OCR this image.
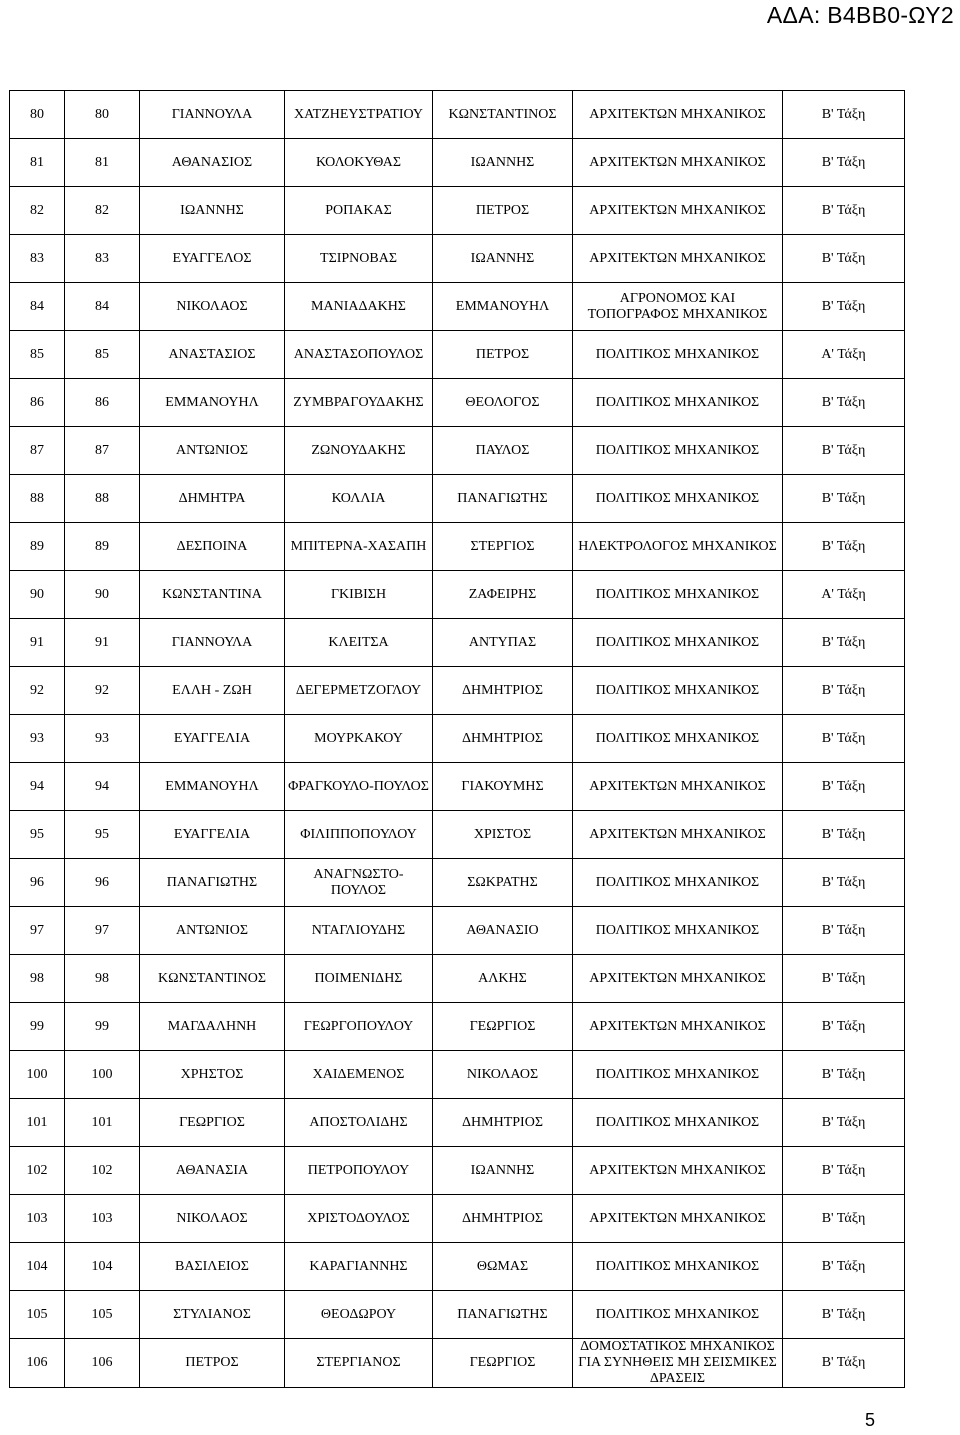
ΑΔΑ: Β4ΒΒ0-ΩΥ2
80	80	ΓΙΑΝΝΟΥΛΑ	ΧΑΤΖΗΕΥΣΤΡΑΤΙΟΥ	ΚΩΝΣΤΑΝΤΙΝΟΣ	ΑΡΧΙΤΕΚΤΩΝ ΜΗΧΑΝΙΚΟΣ	Β' Τάξη
81	81	ΑΘΑΝΑΣΙΟΣ	ΚΟΛΟΚΥΘΑΣ	ΙΩΑΝΝΗΣ	ΑΡΧΙΤΕΚΤΩΝ ΜΗΧΑΝΙΚΟΣ	Β' Τάξη
82	82	ΙΩΑΝΝΗΣ	ΡΟΠΑΚΑΣ	ΠΕΤΡΟΣ	ΑΡΧΙΤΕΚΤΩΝ ΜΗΧΑΝΙΚΟΣ	Β' Τάξη
83	83	ΕΥΑΓΓΕΛΟΣ	ΤΣΙΡΝΟΒΑΣ	ΙΩΑΝΝΗΣ	ΑΡΧΙΤΕΚΤΩΝ ΜΗΧΑΝΙΚΟΣ	Β' Τάξη
84	84	ΝΙΚΟΛΑΟΣ	ΜΑΝΙΑΔΑΚΗΣ	ΕΜΜΑΝΟΥΗΛ	ΑΓΡΟΝΟΜΟΣ ΚΑΙ ΤΟΠΟΓΡΑΦΟΣ ΜΗΧΑΝΙΚΟΣ	Β' Τάξη
85	85	ΑΝΑΣΤΑΣΙΟΣ	ΑΝΑΣΤΑΣΟΠΟΥΛΟΣ	ΠΕΤΡΟΣ	ΠΟΛΙΤΙΚΟΣ ΜΗΧΑΝΙΚΟΣ	Α' Τάξη
86	86	ΕΜΜΑΝΟΥΗΛ	ΖΥΜΒΡΑΓΟΥΔΑΚΗΣ	ΘΕΟΛΟΓΟΣ	ΠΟΛΙΤΙΚΟΣ ΜΗΧΑΝΙΚΟΣ	Β' Τάξη
87	87	ΑΝΤΩΝΙΟΣ	ΖΩΝΟΥΔΑΚΗΣ	ΠΑΥΛΟΣ	ΠΟΛΙΤΙΚΟΣ ΜΗΧΑΝΙΚΟΣ	Β' Τάξη
88	88	ΔΗΜΗΤΡΑ	ΚΟΛΛΙΑ	ΠΑΝΑΓΙΩΤΗΣ	ΠΟΛΙΤΙΚΟΣ ΜΗΧΑΝΙΚΟΣ	Β' Τάξη
89	89	ΔΕΣΠΟΙΝΑ	ΜΠΙΤΕΡΝΑ-ΧΑΣΑΠΗ	ΣΤΕΡΓΙΟΣ	ΗΛΕΚΤΡΟΛΟΓΟΣ ΜΗΧΑΝΙΚΟΣ	Β' Τάξη
90	90	ΚΩΝΣΤΑΝΤΙΝΑ	ΓΚΙΒΙΣΗ	ΖΑΦΕΙΡΗΣ	ΠΟΛΙΤΙΚΟΣ ΜΗΧΑΝΙΚΟΣ	Α' Τάξη
91	91	ΓΙΑΝΝΟΥΛΑ	ΚΛΕΙΤΣΑ	ΑΝΤΥΠΑΣ	ΠΟΛΙΤΙΚΟΣ ΜΗΧΑΝΙΚΟΣ	Β' Τάξη
92	92	ΕΛΛΗ - ΖΩΗ	ΔΕΓΕΡΜΕΤΖΟΓΛΟΥ	ΔΗΜΗΤΡΙΟΣ	ΠΟΛΙΤΙΚΟΣ ΜΗΧΑΝΙΚΟΣ	Β' Τάξη
93	93	ΕΥΑΓΓΕΛΙΑ	ΜΟΥΡΚΑΚΟΥ	ΔΗΜΗΤΡΙΟΣ	ΠΟΛΙΤΙΚΟΣ ΜΗΧΑΝΙΚΟΣ	Β' Τάξη
94	94	ΕΜΜΑΝΟΥΗΛ	ΦΡΑΓΚΟΥΛΟ-ΠΟΥΛΟΣ	ΓΙΑΚΟΥΜΗΣ	ΑΡΧΙΤΕΚΤΩΝ ΜΗΧΑΝΙΚΟΣ	Β' Τάξη
95	95	ΕΥΑΓΓΕΛΙΑ	ΦΙΛΙΠΠΟΠΟΥΛΟΥ	ΧΡΙΣΤΟΣ	ΑΡΧΙΤΕΚΤΩΝ ΜΗΧΑΝΙΚΟΣ	Β' Τάξη
96	96	ΠΑΝΑΓΙΩΤΗΣ	ΑΝΑΓΝΩΣΤΟ-ΠΟΥΛΟΣ	ΣΩΚΡΑΤΗΣ	ΠΟΛΙΤΙΚΟΣ ΜΗΧΑΝΙΚΟΣ	Β' Τάξη
97	97	ΑΝΤΩΝΙΟΣ	ΝΤΑΓΛΙΟΥΔΗΣ	ΑΘΑΝΑΣΙΟ	ΠΟΛΙΤΙΚΟΣ ΜΗΧΑΝΙΚΟΣ	Β' Τάξη
98	98	ΚΩΝΣΤΑΝΤΙΝΟΣ	ΠΟΙΜΕΝΙΔΗΣ	ΑΛΚΗΣ	ΑΡΧΙΤΕΚΤΩΝ ΜΗΧΑΝΙΚΟΣ	Β' Τάξη
99	99	ΜΑΓΔΑΛΗΝΗ	ΓΕΩΡΓΟΠΟΥΛΟΥ	ΓΕΩΡΓΙΟΣ	ΑΡΧΙΤΕΚΤΩΝ ΜΗΧΑΝΙΚΟΣ	Β' Τάξη
100	100	ΧΡΗΣΤΟΣ	ΧΑΙΔΕΜΕΝΟΣ	ΝΙΚΟΛΑΟΣ	ΠΟΛΙΤΙΚΟΣ ΜΗΧΑΝΙΚΟΣ	Β' Τάξη
101	101	ΓΕΩΡΓΙΟΣ	ΑΠΟΣΤΟΛΙΔΗΣ	ΔΗΜΗΤΡΙΟΣ	ΠΟΛΙΤΙΚΟΣ ΜΗΧΑΝΙΚΟΣ	Β' Τάξη
102	102	ΑΘΑΝΑΣΙΑ	ΠΕΤΡΟΠΟΥΛΟΥ	ΙΩΑΝΝΗΣ	ΑΡΧΙΤΕΚΤΩΝ ΜΗΧΑΝΙΚΟΣ	Β' Τάξη
103	103	ΝΙΚΟΛΑΟΣ	ΧΡΙΣΤΟΔΟΥΛΟΣ	ΔΗΜΗΤΡΙΟΣ	ΑΡΧΙΤΕΚΤΩΝ ΜΗΧΑΝΙΚΟΣ	Β' Τάξη
104	104	ΒΑΣΙΛΕΙΟΣ	ΚΑΡΑΓΙΑΝΝΗΣ	ΘΩΜΑΣ	ΠΟΛΙΤΙΚΟΣ ΜΗΧΑΝΙΚΟΣ	Β' Τάξη
105	105	ΣΤΥΛΙΑΝΟΣ	ΘΕΟΔΩΡΟΥ	ΠΑΝΑΓΙΩΤΗΣ	ΠΟΛΙΤΙΚΟΣ ΜΗΧΑΝΙΚΟΣ	Β' Τάξη
106	106	ΠΕΤΡΟΣ	ΣΤΕΡΓΙΑΝΟΣ	ΓΕΩΡΓΙΟΣ	ΔΟΜΟΣΤΑΤΙΚΟΣ ΜΗΧΑΝΙΚΟΣ ΓΙΑ ΣΥΝΗΘΕΙΣ ΜΗ ΣΕΙΣΜΙΚΕΣ ΔΡΑΣΕΙΣ	Β' Τάξη
5
